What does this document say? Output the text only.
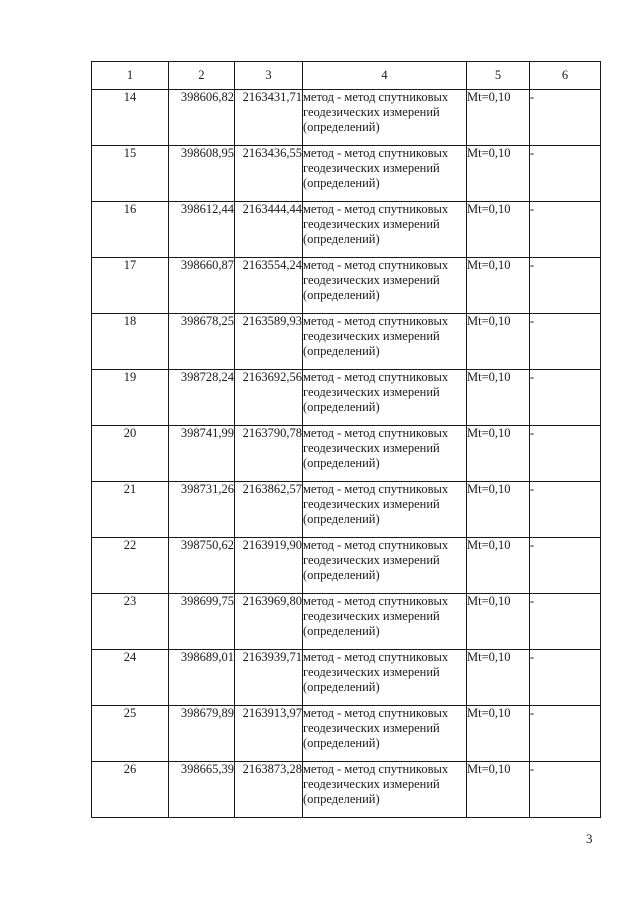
1	2	3	4	5	6
14	398606,82	2163431,71	метод - метод спутниковых
геодезических измерений
(определений)	Mt=0,10	-
15	398608,95	2163436,55	метод - метод спутниковых
геодезических измерений
(определений)	Mt=0,10	-
16	398612,44	2163444,44	метод - метод спутниковых
геодезических измерений
(определений)	Mt=0,10	-
17	398660,87	2163554,24	метод - метод спутниковых
геодезических измерений
(определений)	Mt=0,10	-
18	398678,25	2163589,93	метод - метод спутниковых
геодезических измерений
(определений)	Mt=0,10	-
19	398728,24	2163692,56	метод - метод спутниковых
геодезических измерений
(определений)	Mt=0,10	-
20	398741,99	2163790,78	метод - метод спутниковых
геодезических измерений
(определений)	Mt=0,10	-
21	398731,26	2163862,57	метод - метод спутниковых
геодезических измерений
(определений)	Mt=0,10	-
22	398750,62	2163919,90	метод - метод спутниковых
геодезических измерений
(определений)	Mt=0,10	-
23	398699,75	2163969,80	метод - метод спутниковых
геодезических измерений
(определений)	Mt=0,10	-
24	398689,01	2163939,71	метод - метод спутниковых
геодезических измерений
(определений)	Mt=0,10	-
25	398679,89	2163913,97	метод - метод спутниковых
геодезических измерений
(определений)	Mt=0,10	-
26	398665,39	2163873,28	метод - метод спутниковых
геодезических измерений
(определений)	Mt=0,10	-
3
